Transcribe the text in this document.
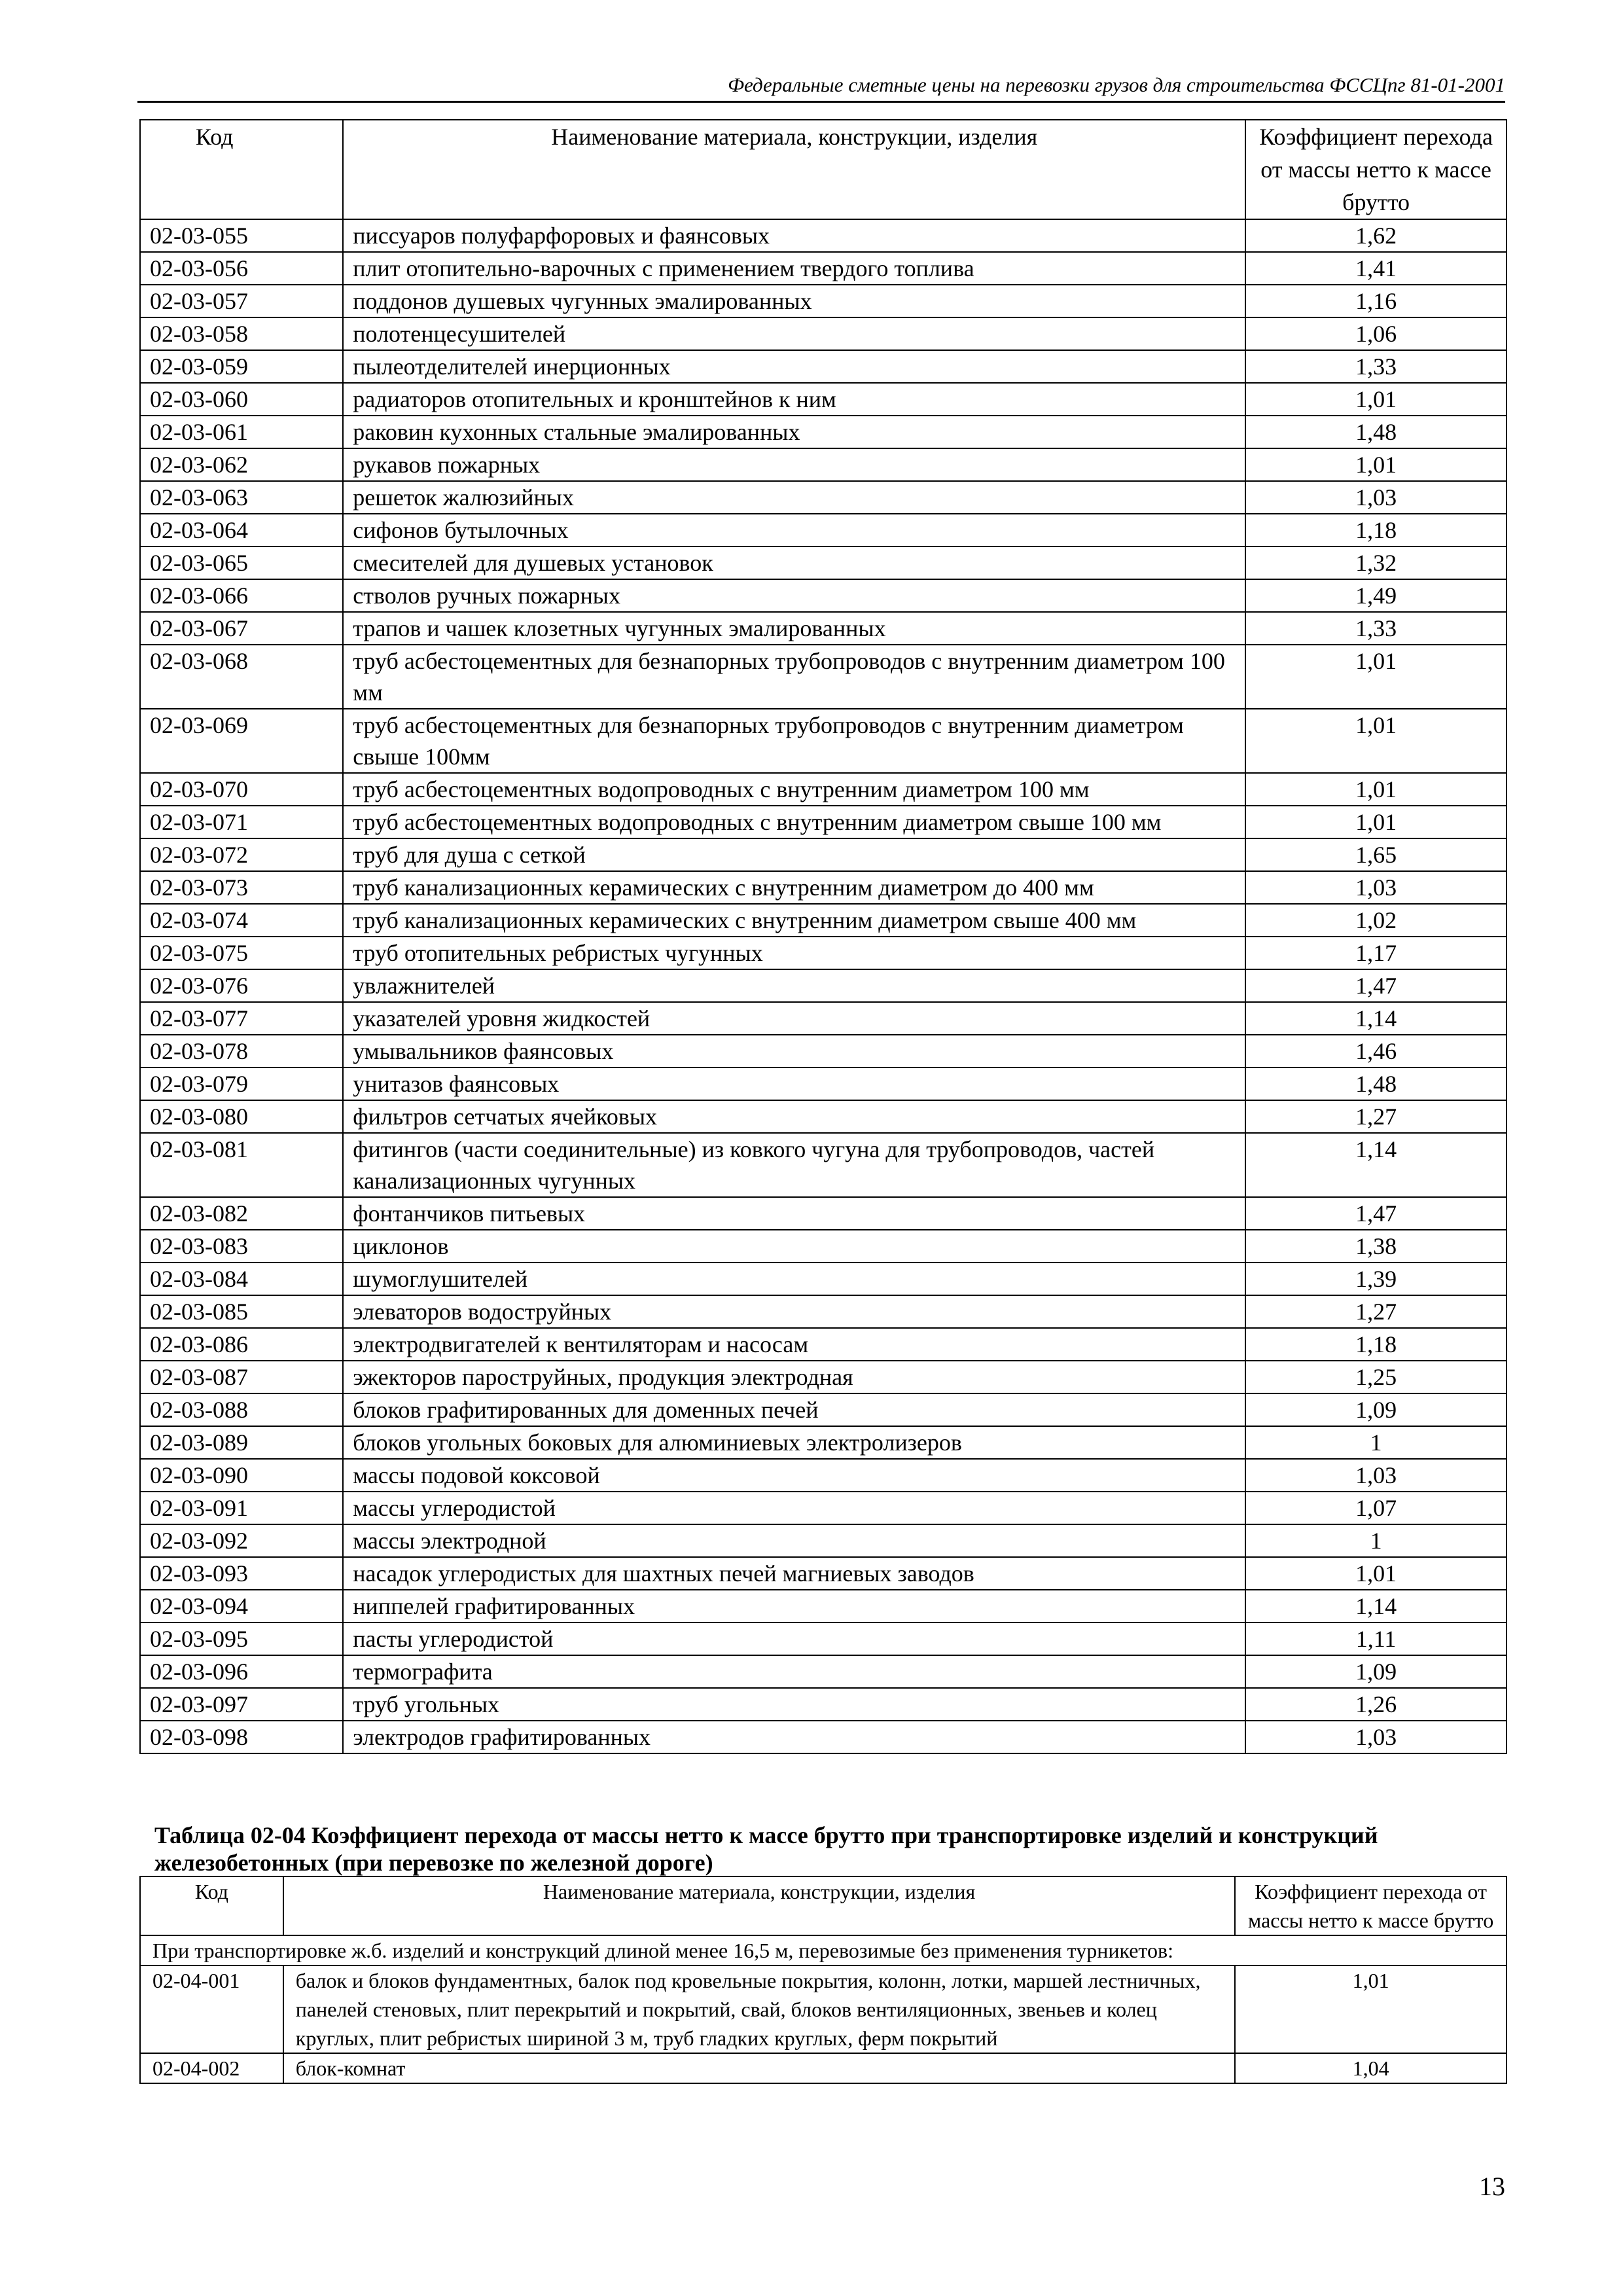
Федеральные сметные цены на перевозки грузов для строительства ФССЦпг 81-01-2001
Код	Наименование материала, конструкции, изделия	Коэффициент перехода от массы нетто к массе брутто
02-03-055	писсуаров полуфарфоровых и фаянсовых	1,62
02-03-056	плит отопительно-варочных с применением твердого топлива	1,41
02-03-057	поддонов душевых чугунных эмалированных	1,16
02-03-058	полотенцесушителей	1,06
02-03-059	пылеотделителей инерционных	1,33
02-03-060	радиаторов отопительных и кронштейнов к ним	1,01
02-03-061	раковин кухонных стальные эмалированных	1,48
02-03-062	рукавов пожарных	1,01
02-03-063	решеток жалюзийных	1,03
02-03-064	сифонов бутылочных	1,18
02-03-065	смесителей для душевых установок	1,32
02-03-066	стволов ручных пожарных	1,49
02-03-067	трапов и чашек клозетных чугунных эмалированных	1,33
02-03-068	труб асбестоцементных для безнапорных трубопроводов с внутренним диаметром 100 мм	1,01
02-03-069	труб асбестоцементных для безнапорных трубопроводов с внутренним диаметром свыше 100мм	1,01
02-03-070	труб асбестоцементных водопроводных с внутренним диаметром 100 мм	1,01
02-03-071	труб асбестоцементных водопроводных с внутренним диаметром свыше 100 мм	1,01
02-03-072	труб для душа с сеткой	1,65
02-03-073	труб канализационных керамических с внутренним диаметром до 400 мм	1,03
02-03-074	труб канализационных керамических с внутренним диаметром свыше 400 мм	1,02
02-03-075	труб отопительных ребристых чугунных	1,17
02-03-076	увлажнителей	1,47
02-03-077	указателей уровня жидкостей	1,14
02-03-078	умывальников фаянсовых	1,46
02-03-079	унитазов фаянсовых	1,48
02-03-080	фильтров сетчатых ячейковых	1,27
02-03-081	фитингов (части соединительные) из ковкого чугуна для трубопроводов, частей канализационных чугунных	1,14
02-03-082	фонтанчиков питьевых	1,47
02-03-083	циклонов	1,38
02-03-084	шумоглушителей	1,39
02-03-085	элеваторов водоструйных	1,27
02-03-086	электродвигателей к вентиляторам и насосам	1,18
02-03-087	эжекторов пароструйных, продукция электродная	1,25
02-03-088	блоков графитированных для доменных печей	1,09
02-03-089	блоков угольных боковых для алюминиевых электролизеров	1
02-03-090	массы подовой коксовой	1,03
02-03-091	массы углеродистой	1,07
02-03-092	массы электродной	1
02-03-093	насадок углеродистых для шахтных печей магниевых заводов	1,01
02-03-094	ниппелей графитированных	1,14
02-03-095	пасты углеродистой	1,11
02-03-096	термографита	1,09
02-03-097	труб угольных	1,26
02-03-098	электродов графитированных	1,03
Таблица 02-04 Коэффициент перехода от массы нетто к массе брутто при транспортировке изделий и конструкций железобетонных (при перевозке по железной дороге)
Код	Наименование материала, конструкции, изделия	Коэффициент перехода от массы нетто к массе брутто
При транспортировке ж.б. изделий и конструкций длиной менее 16,5 м, перевозимые без применения турникетов:		
02-04-001	балок и блоков фундаментных, балок под кровельные покрытия, колонн, лотки, маршей лестничных, панелей стеновых, плит перекрытий и покрытий, свай, блоков вентиляционных, звеньев и колец круглых, плит ребристых шириной 3 м, труб гладких круглых, ферм покрытий	1,01
02-04-002	блок-комнат	1,04
13
